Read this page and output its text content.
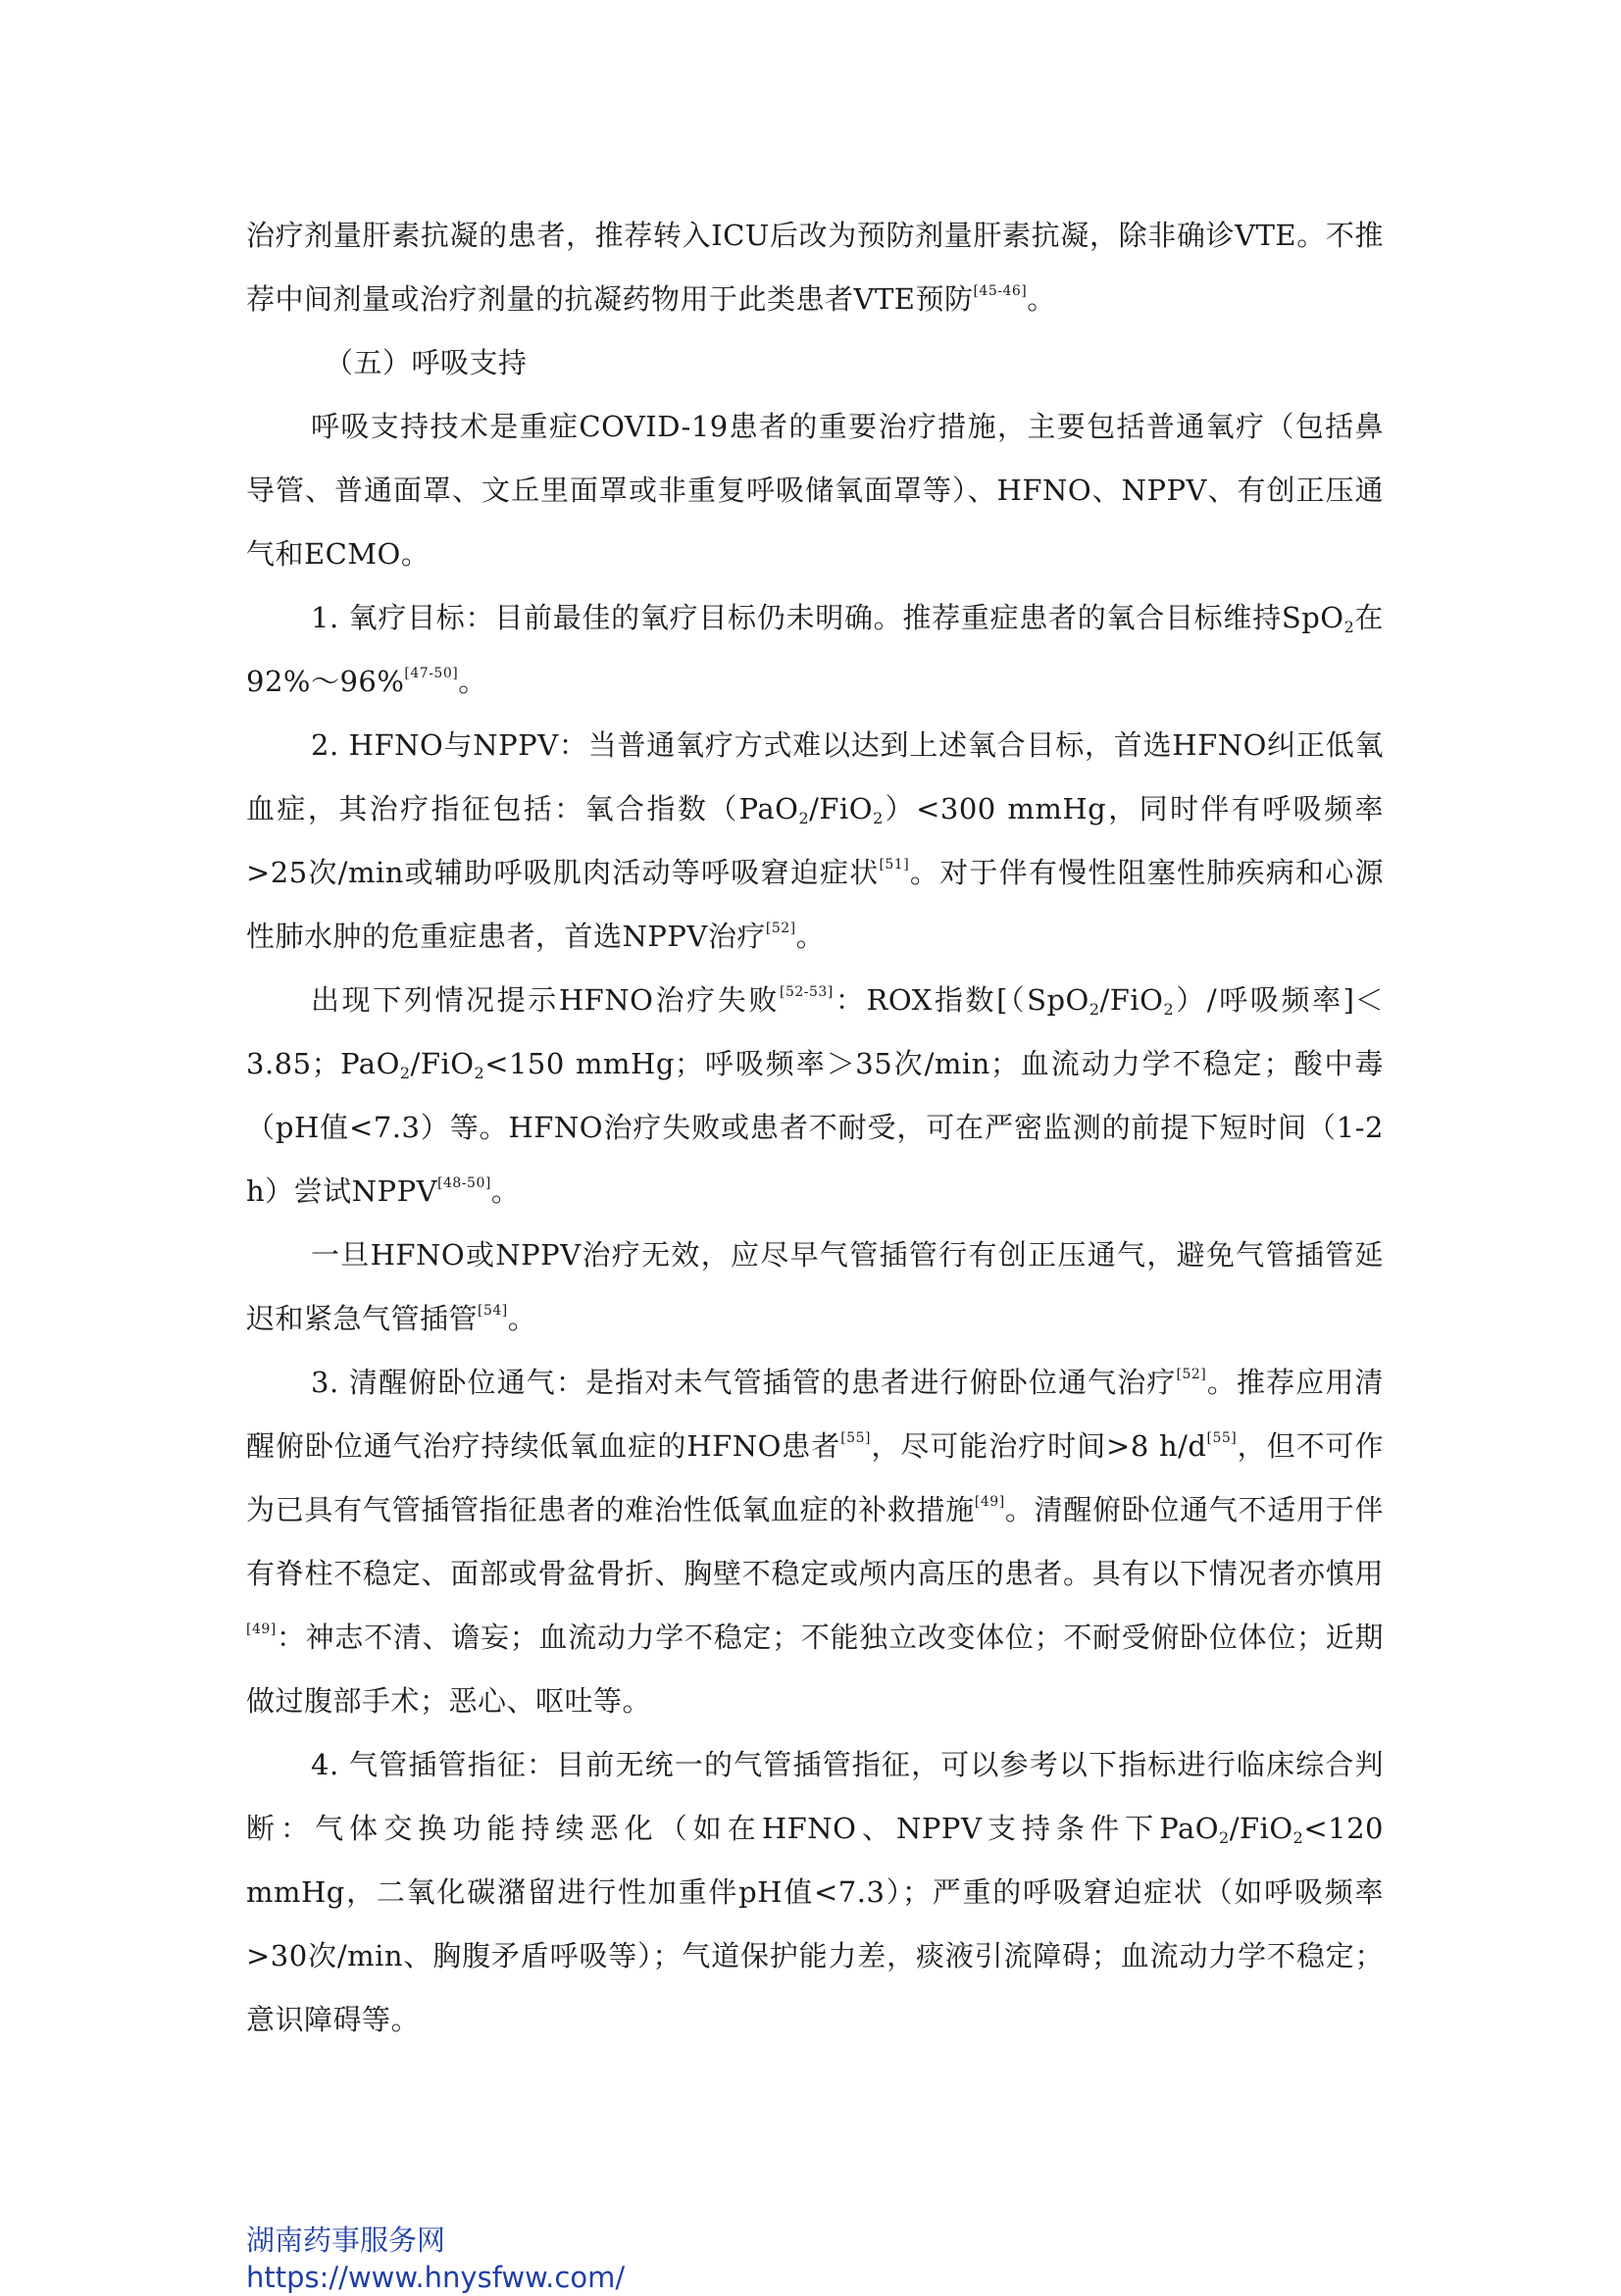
治疗剂量肝素抗凝的患者，推荐转入ICU后改为预防剂量肝素抗凝，除非确诊VTE。不推荐中间剂量或治疗剂量的抗凝药物用于此类患者VTE预防[45-46]。

（五）呼吸支持

呼吸支持技术是重症COVID-19患者的重要治疗措施，主要包括普通氧疗（包括鼻导管、普通面罩、文丘里面罩或非重复呼吸储氧面罩等）、HFNO、NPPV、有创正压通气和ECMO。

1. 氧疗目标：目前最佳的氧疗目标仍未明确。推荐重症患者的氧合目标维持SpO$_2$在92%～96%[47-50]。

2. HFNO与NPPV：当普通氧疗方式难以达到上述氧合目标，首选HFNO纠正低氧血症，其治疗指征包括：氧合指数（PaO$_2$/FiO$_2$）<300 mmHg，同时伴有呼吸频率>25次/min或辅助呼吸肌肉活动等呼吸窘迫症状[51]。对于伴有慢性阻塞性肺疾病和心源性肺水肿的危重症患者，首选NPPV治疗[52]。

出现下列情况提示HFNO治疗失败[52-53]：ROX指数[（SpO$_2$/FiO$_2$）/呼吸频率]＜3.85；PaO$_2$/FiO$_2$<150 mmHg；呼吸频率＞35次/min；血流动力学不稳定；酸中毒（pH值<7.3）等。HFNO治疗失败或患者不耐受，可在严密监测的前提下短时间（1-2 h）尝试NPPV[48-50]。

一旦HFNO或NPPV治疗无效，应尽早气管插管行有创正压通气，避免气管插管延迟和紧急气管插管[54]。

3. 清醒俯卧位通气：是指对未气管插管的患者进行俯卧位通气治疗[52]。推荐应用清醒俯卧位通气治疗持续低氧血症的HFNO患者[55]，尽可能治疗时间>8 h/d[55]，但不可作为已具有气管插管指征患者的难治性低氧血症的补救措施[49]。清醒俯卧位通气不适用于伴有脊柱不稳定、面部或骨盆骨折、胸壁不稳定或颅内高压的患者。具有以下情况者亦慎用[49]：神志不清、谵妄；血流动力学不稳定；不能独立改变体位；不耐受俯卧位体位；近期做过腹部手术；恶心、呕吐等。

4. 气管插管指征：目前无统一的气管插管指征，可以参考以下指标进行临床综合判断：气体交换功能持续恶化（如在HFNO、NPPV支持条件下PaO$_2$/FiO$_2$<120 mmHg，二氧化碳潴留进行性加重伴pH值<7.3）；严重的呼吸窘迫症状（如呼吸频率>30次/min、胸腹矛盾呼吸等）；气道保护能力差，痰液引流障碍；血流动力学不稳定；意识障碍等。

湖南药事服务网
https://www.hnysfww.com/
